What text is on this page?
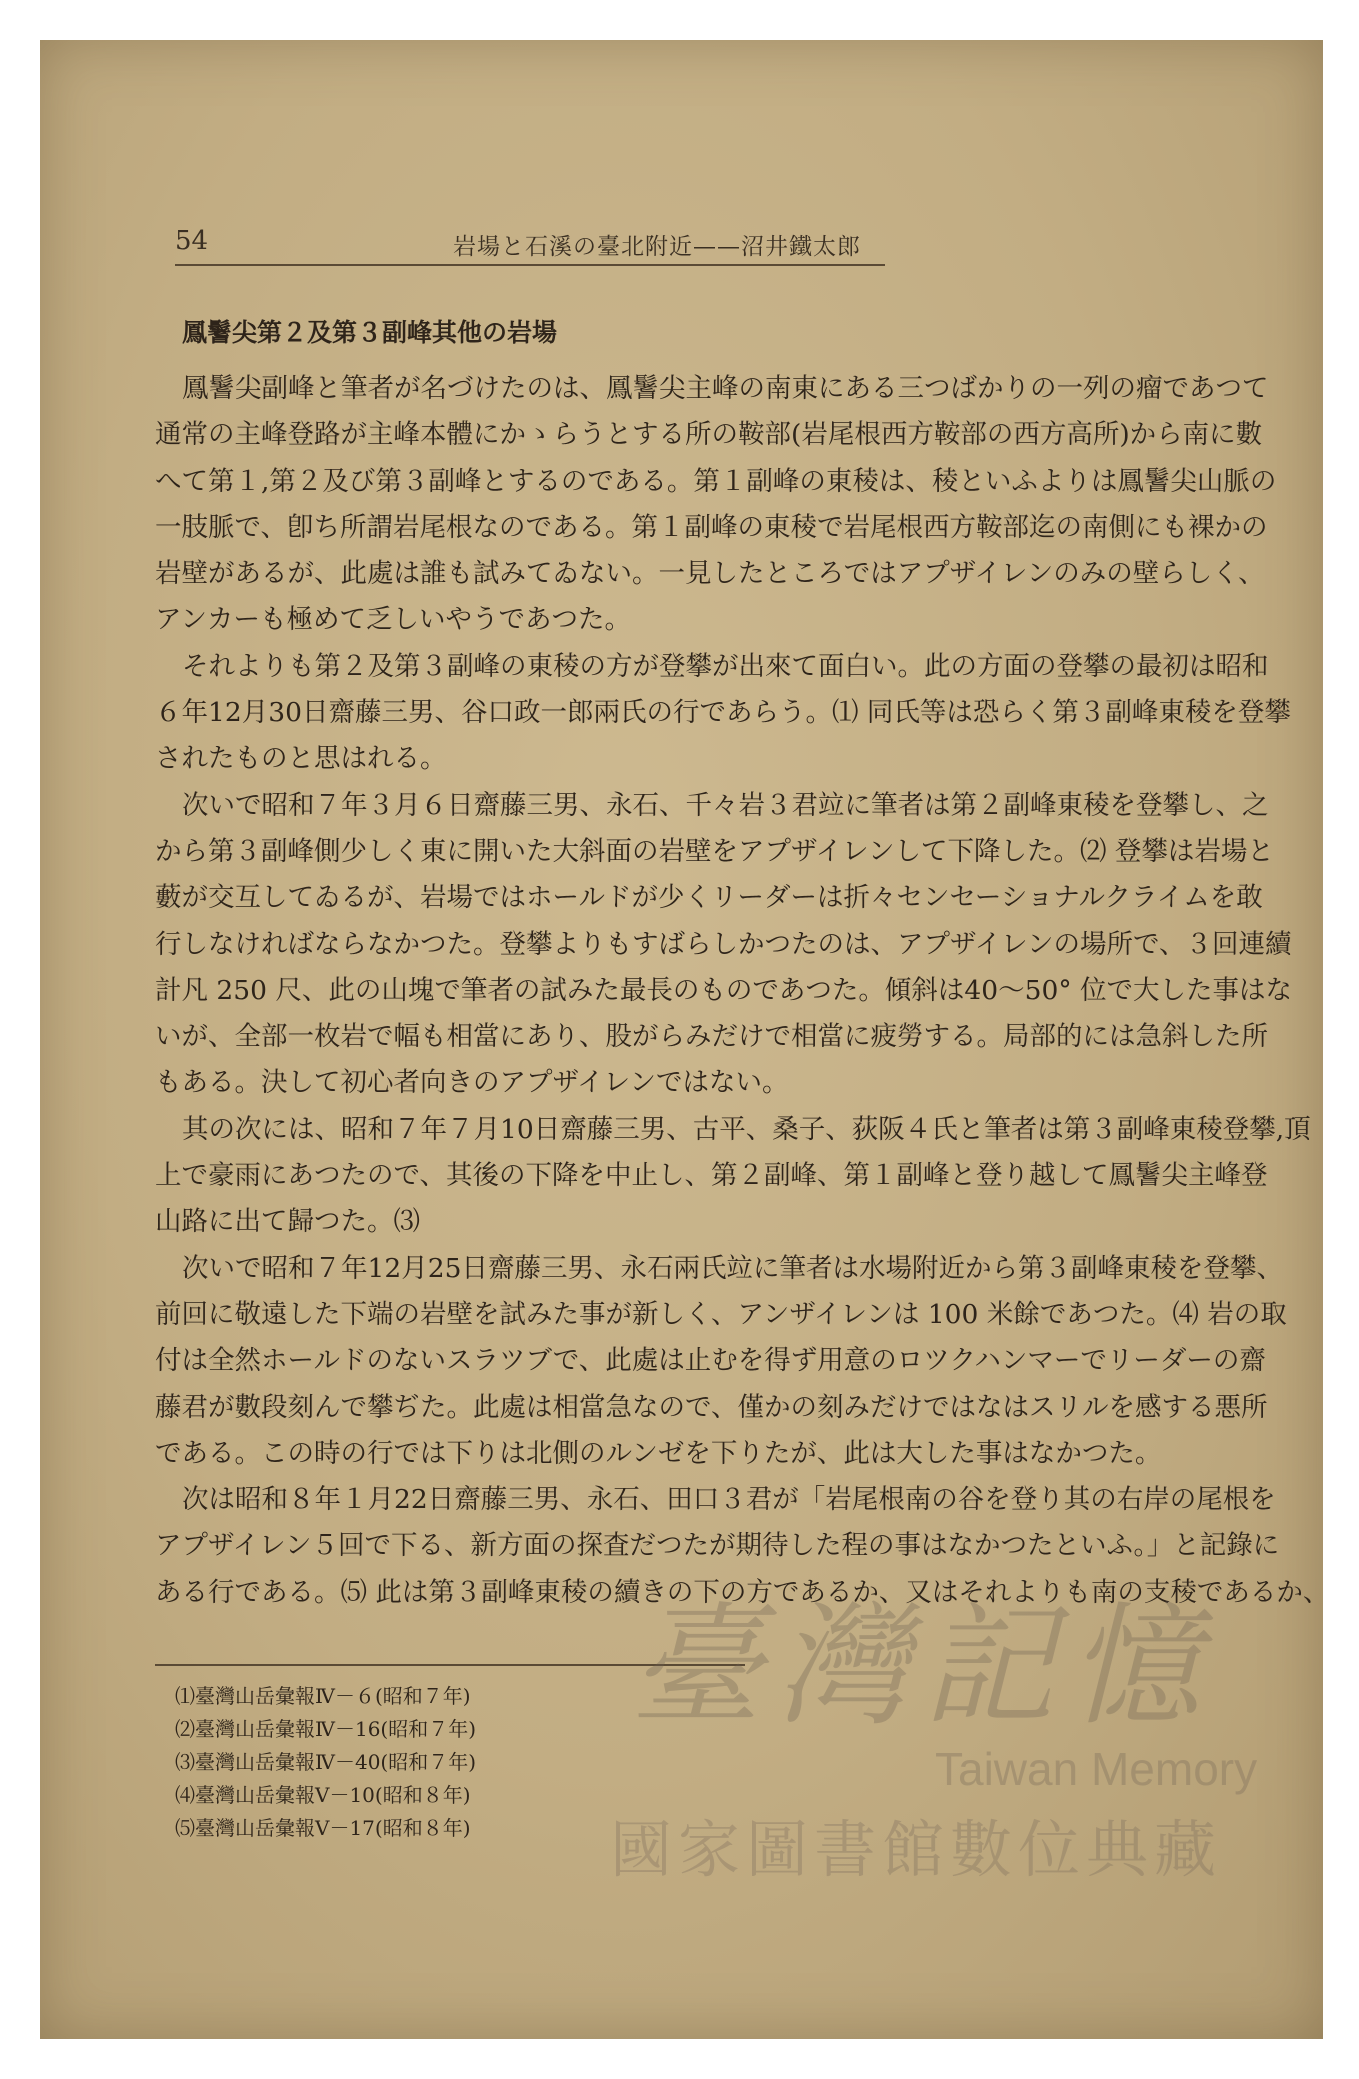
54	岩場と石溪の臺北附近——沼井鐵太郎
鳳鬐尖第２及第３副峰其他の岩場
鳳鬐尖副峰と筆者が名づけたのは、鳳鬐尖主峰の南東にある三つばかりの一列の瘤であつて
通常の主峰登路が主峰本體にかゝらうとする所の鞍部(岩尾根西方鞍部の西方高所)から南に數
へて第１,第２及び第３副峰とするのである。第１副峰の東稜は、稜といふよりは鳳鬐尖山脈の
一肢脈で、卽ち所謂岩尾根なのである。第１副峰の東稜で岩尾根西方鞍部迄の南側にも裸かの
岩壁があるが、此處は誰も試みてゐない。一見したところではアプザイレンのみの壁らしく、
アンカーも極めて乏しいやうであつた。
それよりも第２及第３副峰の東稜の方が登攀が出來て面白い。此の方面の登攀の最初は昭和
６年12月30日齋藤三男、谷口政一郎兩氏の行であらう。⑴ 同氏等は恐らく第３副峰東稜を登攀
されたものと思はれる。
次いで昭和７年３月６日齋藤三男、永石、千々岩３君竝に筆者は第２副峰東稜を登攀し、之
から第３副峰側少しく東に開いた大斜面の岩壁をアプザイレンして下降した。⑵ 登攀は岩場と
藪が交互してゐるが、岩場ではホールドが少くリーダーは折々センセーショナルクライムを敢
行しなければならなかつた。登攀よりもすばらしかつたのは、アプザイレンの場所で、３回連續
計凡 250 尺、此の山塊で筆者の試みた最長のものであつた。傾斜は40〜50° 位で大した事はな
いが、全部一枚岩で幅も相當にあり、股がらみだけで相當に疲勞する。局部的には急斜した所
もある。決して初心者向きのアプザイレンではない。
其の次には、昭和７年７月10日齋藤三男、古平、桑子、荻阪４氏と筆者は第３副峰東稜登攀,頂
上で豪雨にあつたので、其後の下降を中止し、第２副峰、第１副峰と登り越して鳳鬐尖主峰登
山路に出て歸つた。⑶
次いで昭和７年12月25日齋藤三男、永石兩氏竝に筆者は水場附近から第３副峰東稜を登攀、
前回に敬遠した下端の岩壁を試みた事が新しく、アンザイレンは 100 米餘であつた。⑷ 岩の取
付は全然ホールドのないスラツブで、此處は止むを得ず用意のロツクハンマーでリーダーの齋
藤君が數段刻んで攀ぢた。此處は相當急なので、僅かの刻みだけではなはスリルを感する悪所
である。この時の行では下りは北側のルンゼを下りたが、此は大した事はなかつた。
次は昭和８年１月22日齋藤三男、永石、田口３君が「岩尾根南の谷を登り其の右岸の尾根を
アプザイレン５回で下る、新方面の探査だつたが期待した程の事はなかつたといふ。」と記錄に
ある行である。⑸ 此は第３副峰東稜の續きの下の方であるか、又はそれよりも南の支稜であるか、
⑴臺灣山岳彙報Ⅳ－６(昭和７年)
⑵臺灣山岳彙報Ⅳ－16(昭和７年)
⑶臺灣山岳彙報Ⅳ－40(昭和７年)
⑷臺灣山岳彙報Ⅴ－10(昭和８年)
⑸臺灣山岳彙報Ⅴ－17(昭和８年)
臺灣記憶
Taiwan Memory
國家圖書館數位典藏
